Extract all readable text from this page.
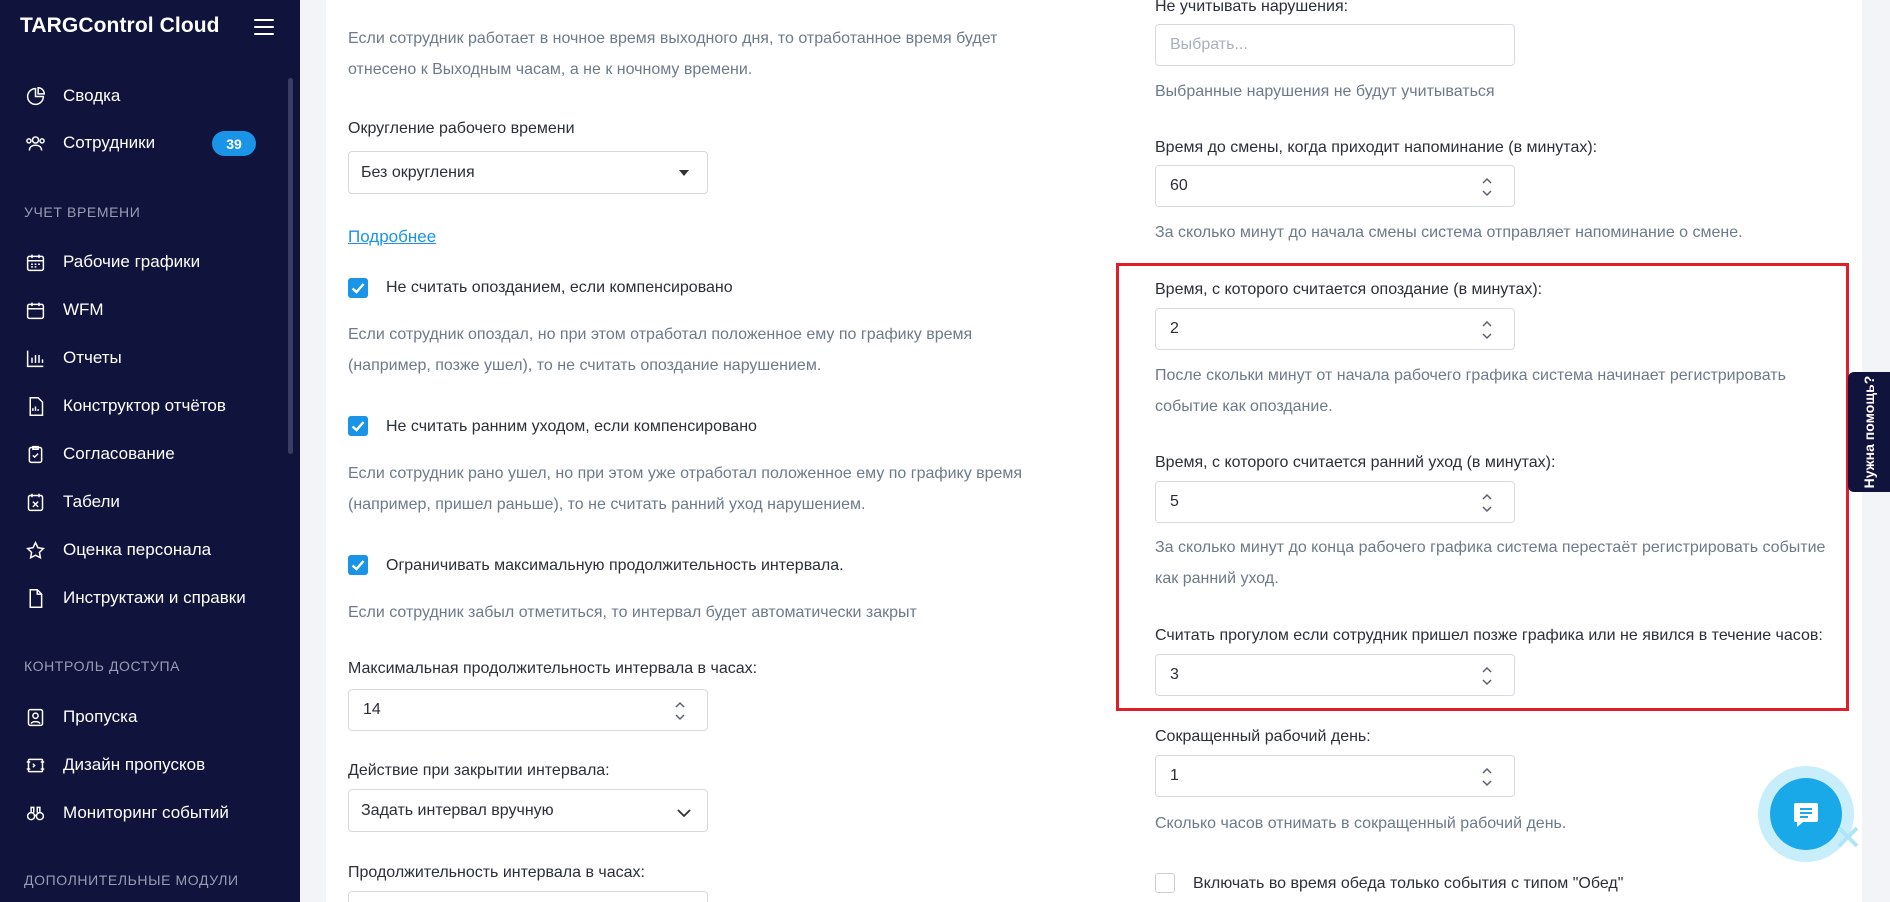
TARGControl Cloud
Сводка
Сотрудники	39
УЧЕТ ВРЕМЕНИ
Рабочие графики
WFM
Отчеты
Конструктор отчётов
Согласование
Табели
Оценка персонала
Инструктажи и справки
КОНТРОЛЬ ДОСТУПА
Пропуска
Дизайн пропусков
Мониторинг событий
ДОПОЛНИТЕЛЬНЫЕ МОДУЛИ
Если сотрудник работает в ночное время выходного дня, то отработанное время будет отнесено к Выходным часам, а не к ночному времени.
Округление рабочего времени
Без округления
Подробнее
Не считать опозданием, если компенсировано
Если сотрудник опоздал, но при этом отработал положенное ему по графику время (например, позже ушел), то не считать опоздание нарушением.
Не считать ранним уходом, если компенсировано
Если сотрудник рано ушел, но при этом уже отработал положенное ему по графику время (например, пришел раньше), то не считать ранний уход нарушением.
Ограничивать максимальную продолжительность интервала.
Если сотрудник забыл отметиться, то интервал будет автоматически закрыт
Максимальная продолжительность интервала в часах:
14
Действие при закрытии интервала:
Задать интервал вручную
Продолжительность интервала в часах:
Не учитывать нарушения:
Выбрать...
Выбранные нарушения не будут учитываться
Время до смены, когда приходит напоминание (в минутах):
60
За сколько минут до начала смены система отправляет напоминание о смене.
Время, с которого считается опоздание (в минутах):
2
После скольки минут от начала рабочего графика система начинает регистрировать событие как опоздание.
Время, с которого считается ранний уход (в минутах):
5
За сколько минут до конца рабочего графика система перестаёт регистрировать событие как ранний уход.
Считать прогулом если сотрудник пришел позже графика или не явился в течение часов:
3
Сокращенный рабочий день:
1
Сколько часов отнимать в сокращенный рабочий день.
Включать во время обеда только события с типом "Обед"
Нужна помощь?
